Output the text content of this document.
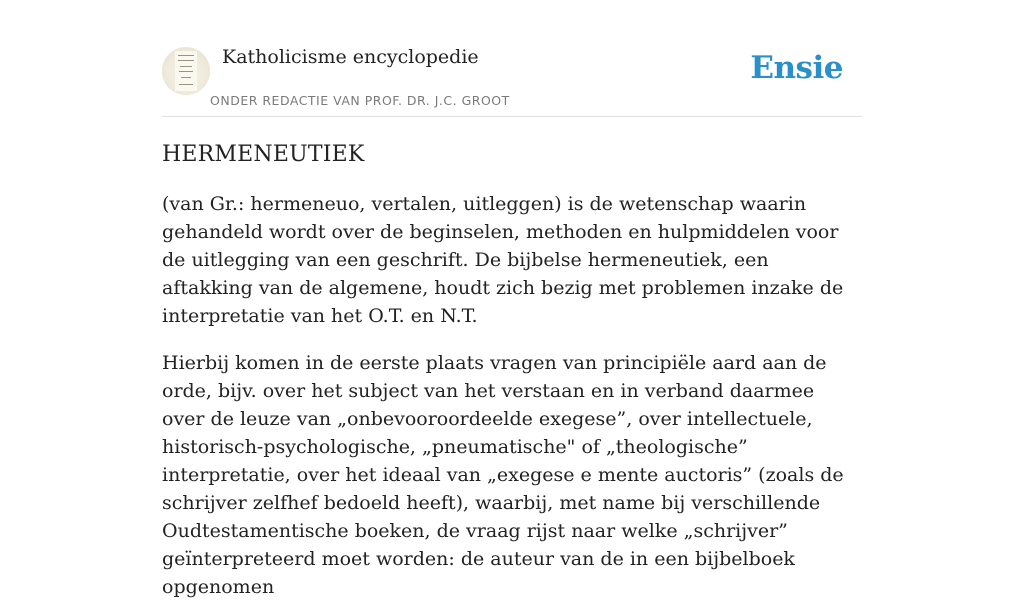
Katholicisme encyclopedie
ONDER REDACTIE VAN PROF. DR. J.C. GROOT
Ensie
HERMENEUTIEK

(van Gr.: hermeneuo, vertalen, uitleggen) is de wetenschap waarin gehandeld wordt over de beginselen, methoden en hulpmiddelen voor de uitlegging van een geschrift. De bijbelse hermeneutiek, een aftakking van de algemene, houdt zich bezig met problemen inzake de interpretatie van het O.T. en N.T.

Hierbij komen in de eerste plaats vragen van principiële aard aan de orde, bijv. over het subject van het verstaan en in verband daarmee over de leuze van „onbevooroordeelde exegese”, over intellectuele, historisch-psychologische, „pneumatische" of „theologische” interpretatie, over het ideaal van „exegese e mente auctoris” (zoals de schrijver zelfhef bedoeld heeft), waarbij, met name bij verschillende Oudtestamentische boeken, de vraag rijst naar welke „schrijver” geïnterpreteerd moet worden: de auteur van de in een bijbelboek opgenomen
